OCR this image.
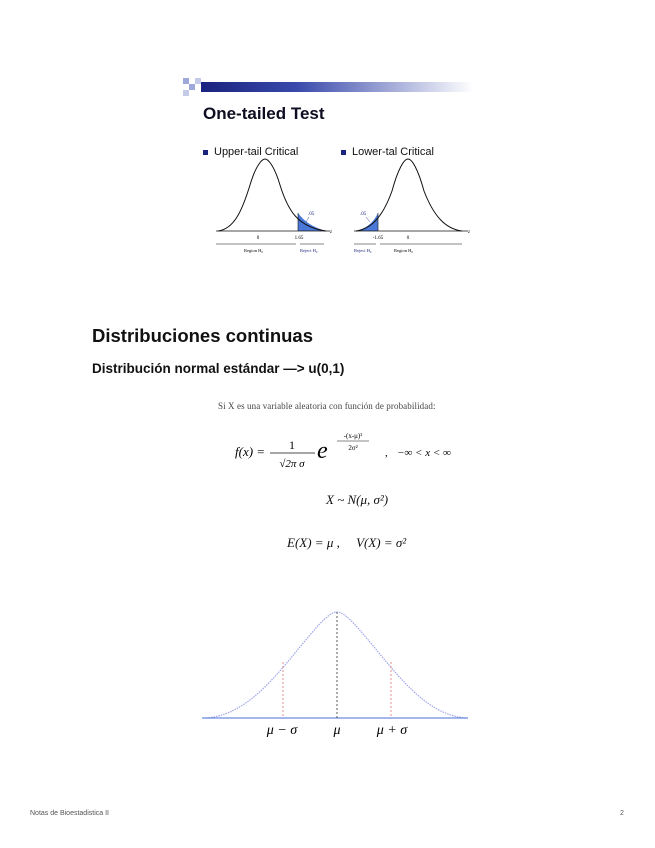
One-tailed Test
Upper-tail Critical	Lower-tal Critical
.05
0	1.65
z
Region H₀	Reject H₀
.05
-1.65	0
z
Reject H₀	Region H₀
Distribuciones continuas
Distribución normal estándar —> u(0,1)
Si X es una variable aleatoria con función de probabilidad:
f(x) = 1
√2π σ e
-(x-μ)²
2σ² , −∞ < x < ∞
X ~ N(μ, σ²)
E(X) = μ ,     V(X) = σ²
μ − σ	μ	μ + σ
Notas de Bioestadistica II	2
